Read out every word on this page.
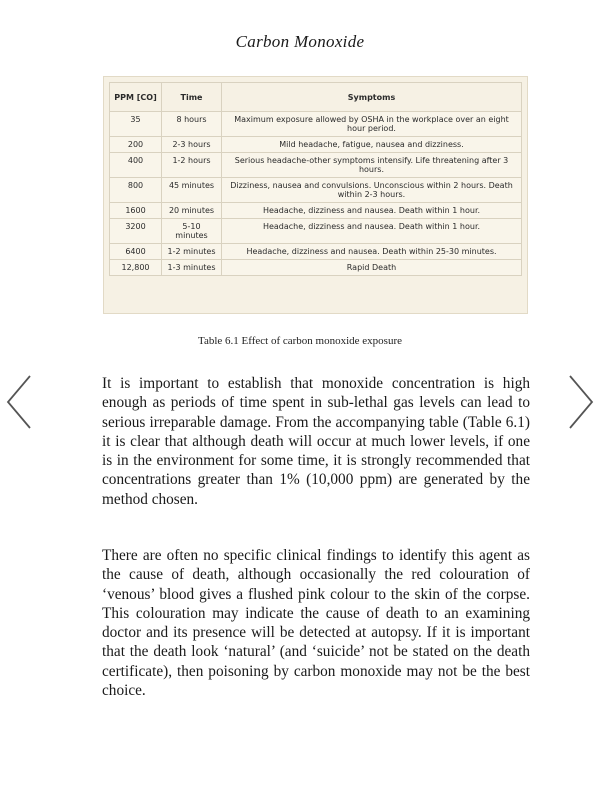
Carbon Monoxide
PPM [CO]	Time	Symptoms
35	8 hours	Maximum exposure allowed by OSHA in the workplace over an eight hour period.
200	2-3 hours	Mild headache, fatigue, nausea and dizziness.
400	1-2 hours	Serious headache-other symptoms intensify. Life threatening after 3 hours.
800	45 minutes	Dizziness, nausea and convulsions. Unconscious within 2 hours. Death within 2-3 hours.
1600	20 minutes	Headache, dizziness and nausea. Death within 1 hour.
3200	5-10 minutes	Headache, dizziness and nausea. Death within 1 hour.
6400	1-2 minutes	Headache, dizziness and nausea. Death within 25-30 minutes.
12,800	1-3 minutes	Rapid Death
Table 6.1 Effect of carbon monoxide exposure

It is important to establish that monoxide concentration is high enough as periods of time spent in sub-lethal gas levels can lead to serious irreparable damage. From the accompanying table (Table 6.1) it is clear that although death will occur at much lower levels, if one is in the environment for some time, it is strongly recommended that concentrations greater than 1% (10,000 ppm) are generated by the method chosen.

There are often no specific clinical findings to identify this agent as the cause of death, although occasionally the red colouration of ‘venous’ blood gives a flushed pink colour to the skin of the corpse. This colouration may indicate the cause of death to an examining doctor and its presence will be detected at autopsy. If it is important that the death look ‘natural’ (and ‘suicide’ not be stated on the death certificate), then poisoning by carbon monoxide may not be the best choice.
